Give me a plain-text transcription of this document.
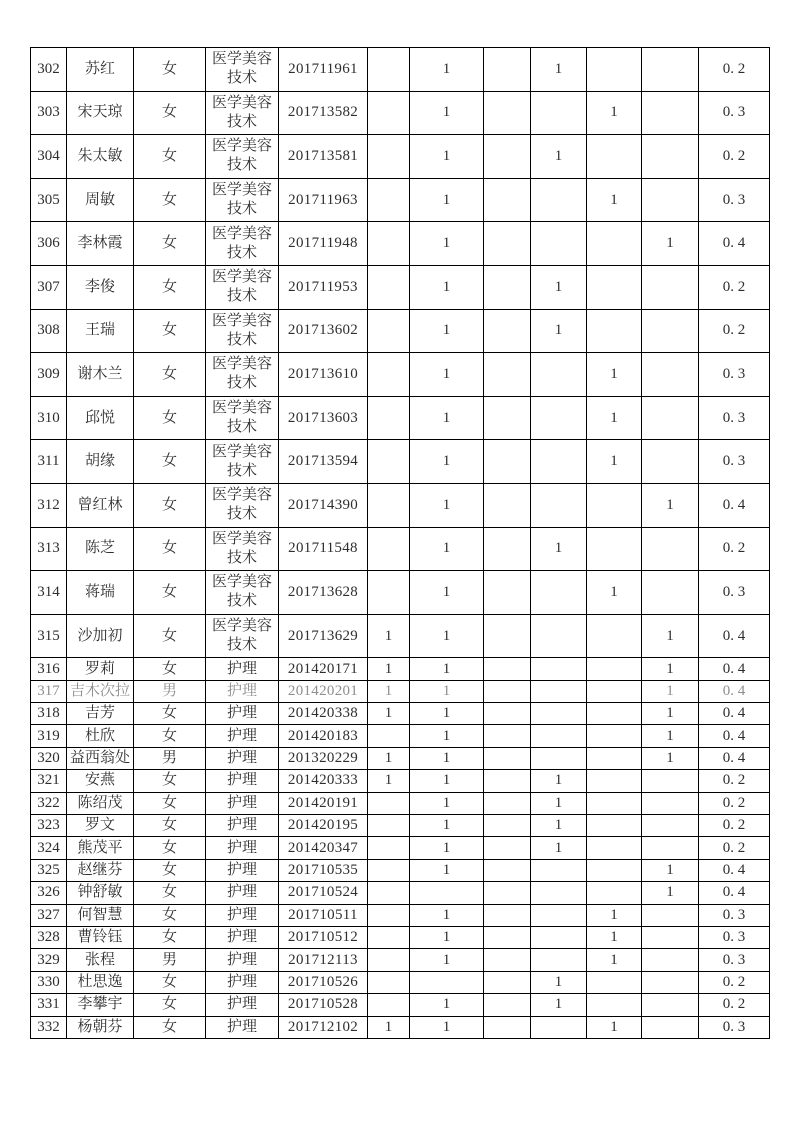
302	苏红	女	医学美容技术	201711961		1		1			0. 2
303	宋天琼	女	医学美容技术	201713582		1			1		0. 3
304	朱太敏	女	医学美容技术	201713581		1		1			0. 2
305	周敏	女	医学美容技术	201711963		1			1		0. 3
306	李林霞	女	医学美容技术	201711948		1				1	0. 4
307	李俊	女	医学美容技术	201711953		1		1			0. 2
308	王瑞	女	医学美容技术	201713602		1		1			0. 2
309	谢木兰	女	医学美容技术	201713610		1			1		0. 3
310	邱悦	女	医学美容技术	201713603		1			1		0. 3
311	胡缘	女	医学美容技术	201713594		1			1		0. 3
312	曾红林	女	医学美容技术	201714390		1				1	0. 4
313	陈芝	女	医学美容技术	201711548		1		1			0. 2
314	蒋瑞	女	医学美容技术	201713628		1			1		0. 3
315	沙加初	女	医学美容技术	201713629	1	1				1	0. 4
316	罗莉	女	护理	201420171	1	1				1	0. 4
317	吉木次拉	男	护理	201420201	1	1				1	0. 4
318	吉芳	女	护理	201420338	1	1				1	0. 4
319	杜欣	女	护理	201420183		1				1	0. 4
320	益西翁处	男	护理	201320229	1	1				1	0. 4
321	安燕	女	护理	201420333	1	1		1			0. 2
322	陈绍茂	女	护理	201420191		1		1			0. 2
323	罗文	女	护理	201420195		1		1			0. 2
324	熊茂平	女	护理	201420347		1		1			0. 2
325	赵继芬	女	护理	201710535		1				1	0. 4
326	钟舒敏	女	护理	201710524						1	0. 4
327	何智慧	女	护理	201710511		1			1		0. 3
328	曹铃钰	女	护理	201710512		1			1		0. 3
329	张程	男	护理	201712113		1			1		0. 3
330	杜思逸	女	护理	201710526				1			0. 2
331	李攀宇	女	护理	201710528		1		1			0. 2
332	杨朝芬	女	护理	201712102	1	1			1		0. 3
